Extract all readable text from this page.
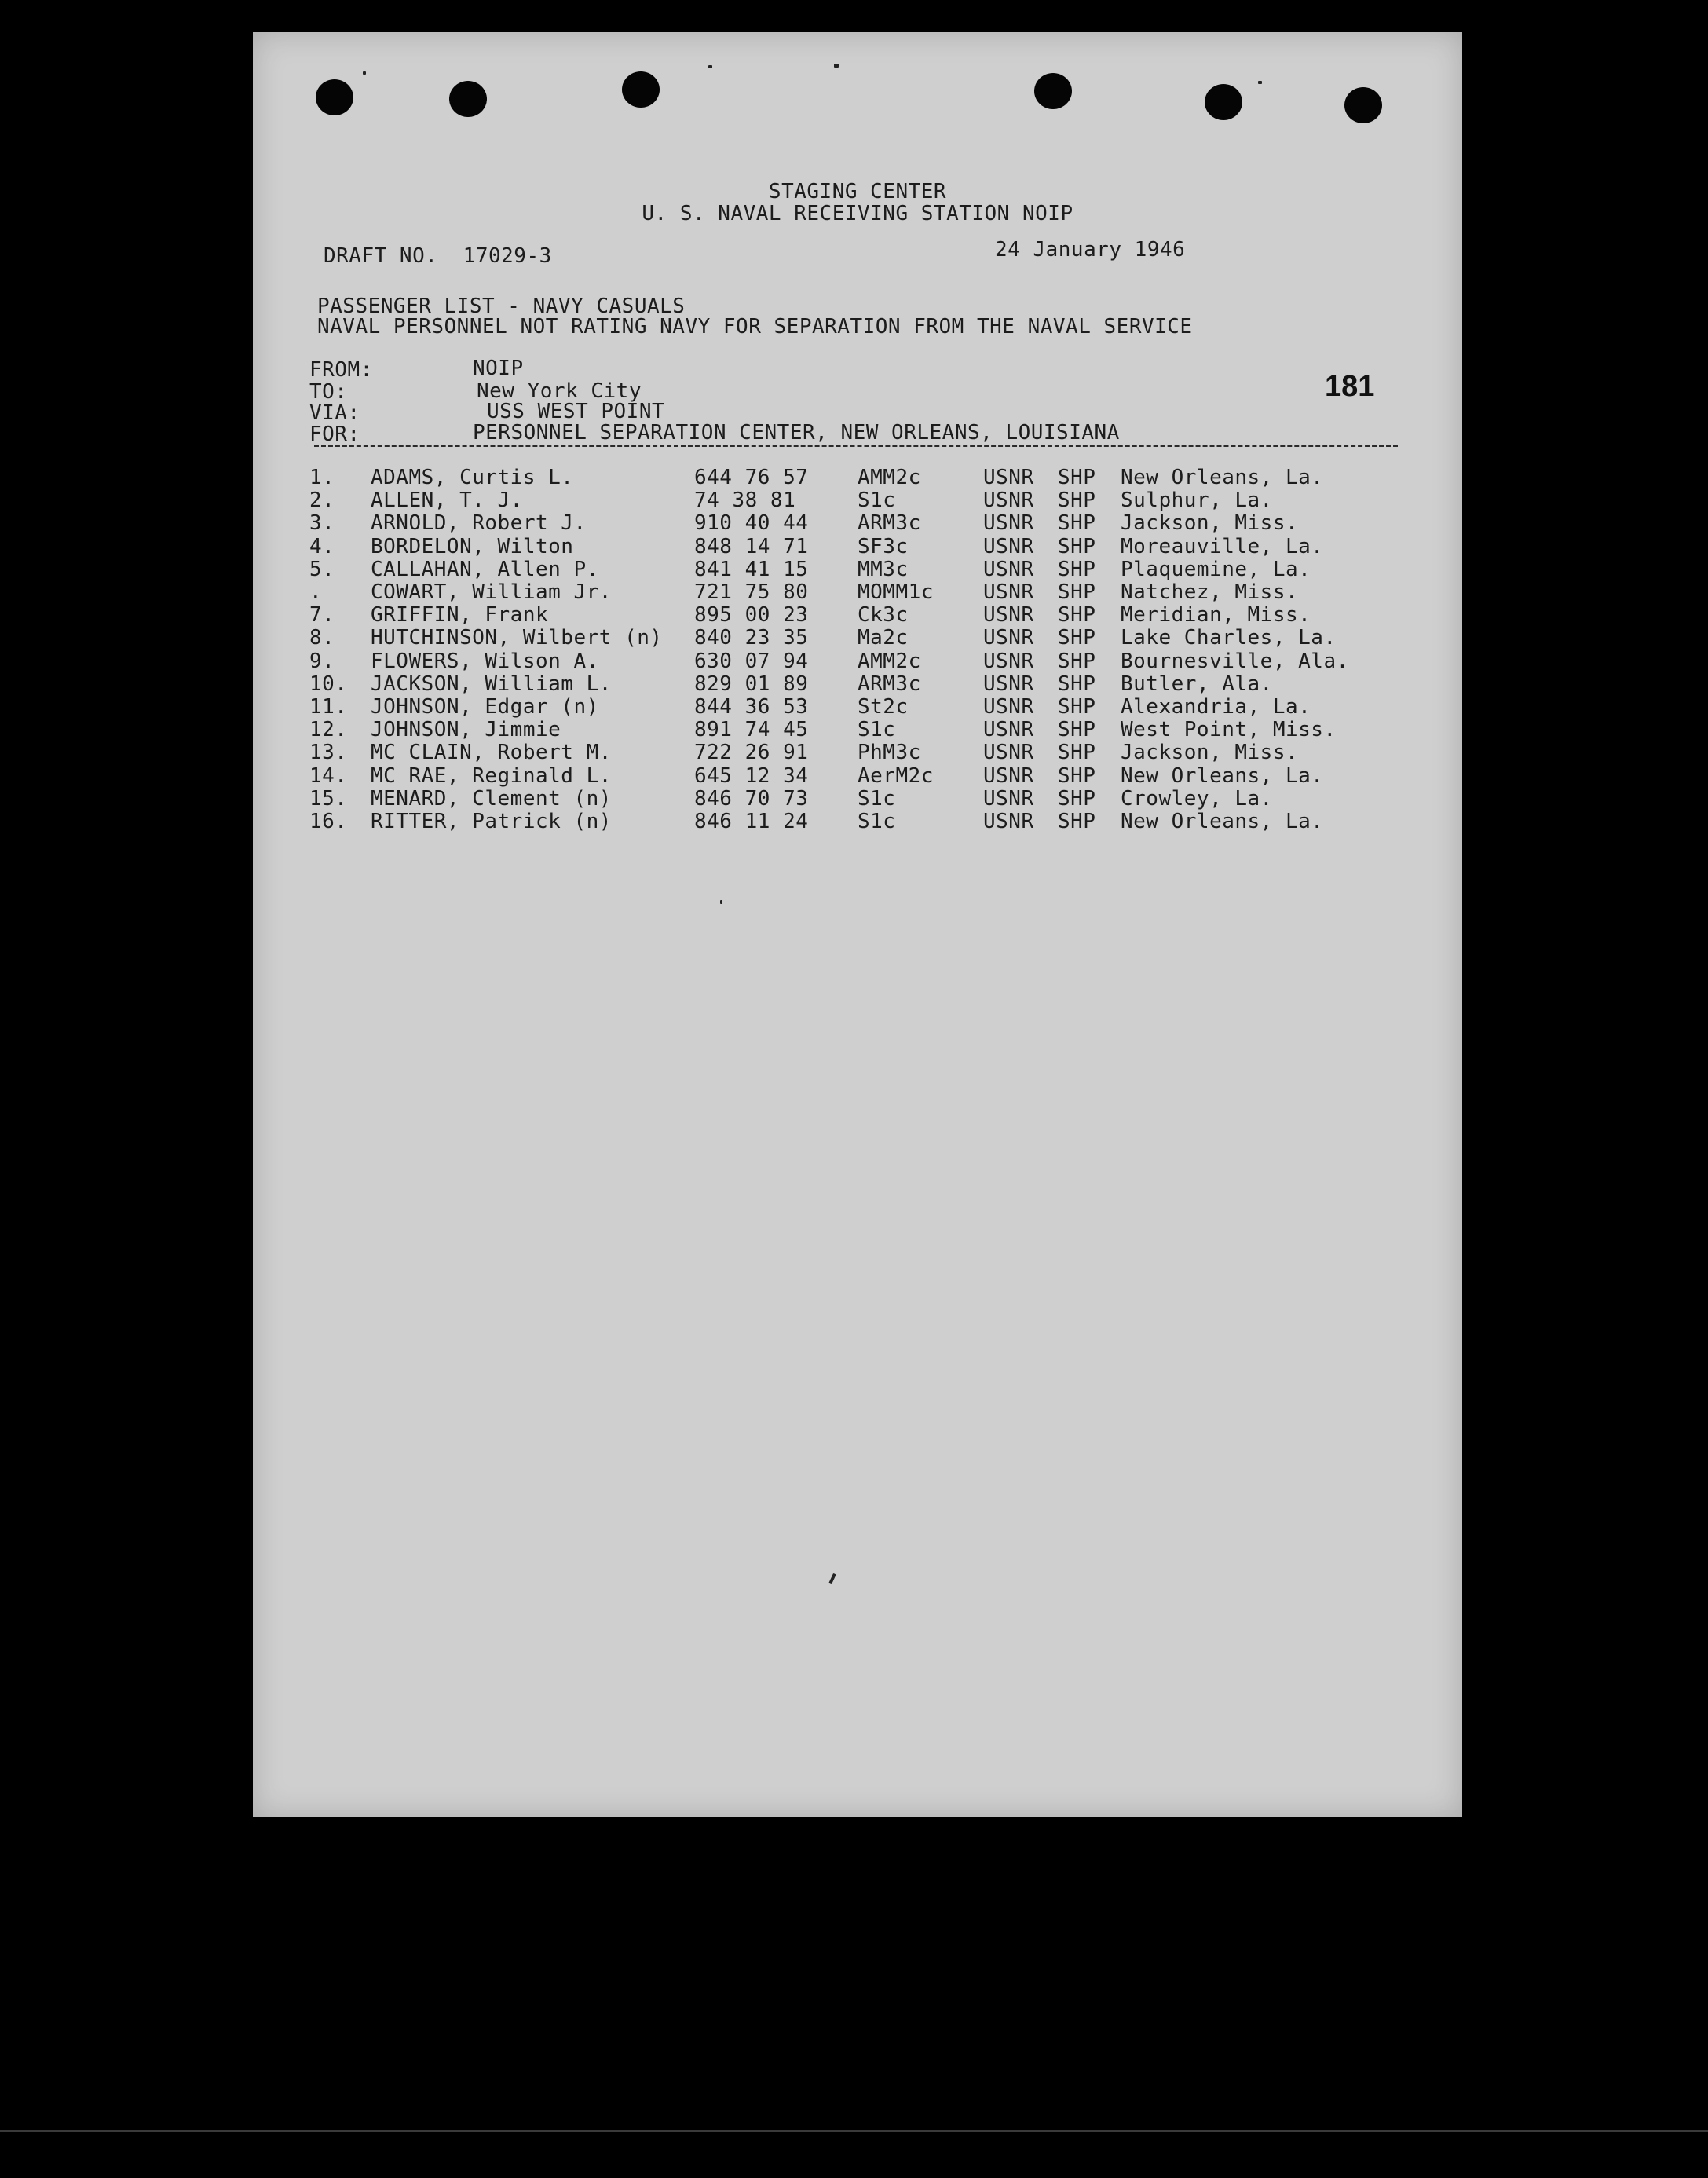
STAGING CENTER
U. S. NAVAL RECEIVING STATION NOIP
DRAFT NO.  17029-3	24 January 1946
PASSENGER LIST - NAVY CASUALS
NAVAL PERSONNEL NOT RATING NAVY FOR SEPARATION FROM THE NAVAL SERVICE
FROM:	NOIP
TO:	New York City
VIA:	USS WEST POINT
FOR:	PERSONNEL SEPARATION CENTER, NEW ORLEANS, LOUISIANA
181
1. ADAMS, Curtis L.	644 76 57 AMM2c	USNR SHP New Orleans, La.
2. ALLEN, T. J.	74 38 81	S1c	USNR SHP Sulphur, La.
3. ARNOLD, Robert J.	910 40 44 ARM3c	USNR SHP Jackson, Miss.
4. BORDELON, Wilton	848 14 71 SF3c	USNR SHP Moreauville, La.
5. CALLAHAN, Allen P.	841 41 15 MM3c	USNR SHP Plaquemine, La.
. COWART, William Jr.	721 75 80 MOMM1c USNR SHP Natchez, Miss.
7. GRIFFIN, Frank	895 00 23 Ck3c	USNR SHP Meridian, Miss.
8. HUTCHINSON, Wilbert (n) 840 23 35 Ma2c	USNR SHP Lake Charles, La.
9. FLOWERS, Wilson A.	630 07 94 AMM2c	USNR SHP Bournesville, Ala.
10. JACKSON, William L.	829 01 89 ARM3c	USNR SHP Butler, Ala.
11. JOHNSON, Edgar (n)	844 36 53 St2c	USNR SHP Alexandria, La.
12. JOHNSON, Jimmie	891 74 45 S1c	USNR SHP West Point, Miss.
13. MC CLAIN, Robert M.	722 26 91 PhM3c	USNR SHP Jackson, Miss.
14. MC RAE, Reginald L.	645 12 34 AerM2c USNR SHP New Orleans, La.
15. MENARD, Clement (n)	846 70 73 S1c	USNR SHP Crowley, La.
16. RITTER, Patrick (n)	846 11 24 S1c	USNR SHP New Orleans, La.
